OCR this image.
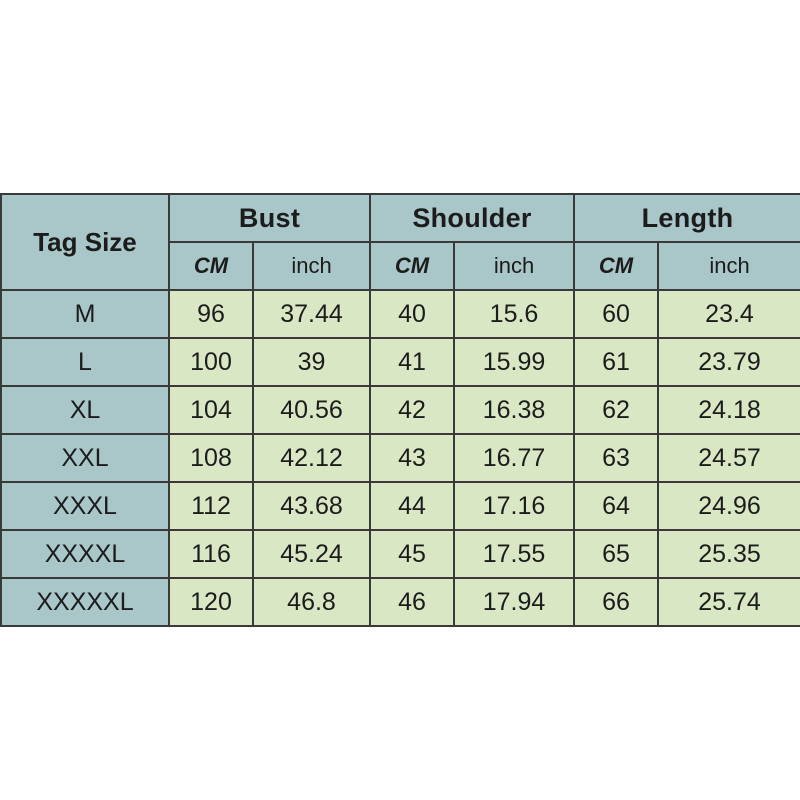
Tag Size	Bust		Shoulder		Length	
	CM	inch	CM	inch	CM	inch
M	96	37.44	40	15.6	60	23.4
L	100	39	41	15.99	61	23.79
XL	104	40.56	42	16.38	62	24.18
XXL	108	42.12	43	16.77	63	24.57
XXXL	112	43.68	44	17.16	64	24.96
XXXXL	116	45.24	45	17.55	65	25.35
XXXXXL	120	46.8	46	17.94	66	25.74
